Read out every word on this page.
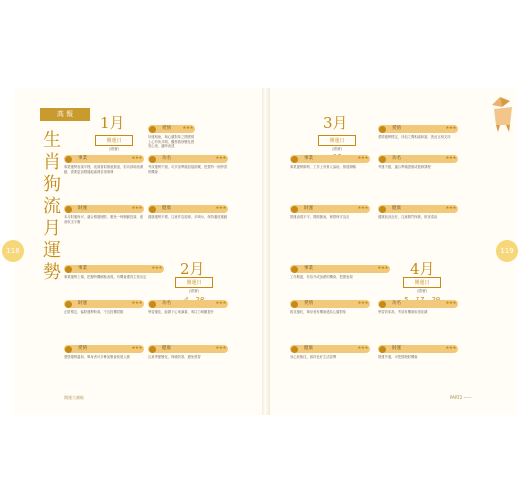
118	119
高 報
生肖狗流月運勢
1月
開運日
(國曆)
2月
開運日
(國曆)
3月
開運日
(國曆)
4月
開運日
(國曆)
愛情	★★★
好運相助，與心儀對象之間感情上心有所共鳴，觀察微妙變化感受心意，適時表達
事業	★★★
事業運勢表現平穩，表面看似無風無浪，但內部暗流湧動，需要更加穩健地處理各項事務
功名	★★★
考試運勢不錯，可多加準備迎接挑戰，把握每一個學習的機會
財運	★★★
本月財運尚可，適合穩健理財，避免一時衝動投資，留意收支平衡
健康	★★★
健康運勢平穩，注意作息規律，多喝水，保持適度運動
事業	★★★
事業運勢上揚，把握時機積極表現，有機會獲得主管肯定
財運	★★★
正財穩定，偏財運勢較弱，不宜投機冒險
功名	★★★
學習運佳，能靜下心來讀書，專注力明顯提升
愛情	★★★
愛情運勢溫和，單身者可多參加聚會拓展人脈
健康	★★★
注意季節變化，保暖防寒，避免感冒
愛情	★★★
愛情運勢穩定，伴侶之間相處和諧，彼此互相支持
事業	★★★
事業運勢順利，工作上有貴人協助，推展順暢
功名	★★★
考運不錯，適合準備證照或進修課程
財運	★★★
財運表現平平，開源節流，理財保守為宜
健康	★★★
健康狀況良好，注意腸胃保養，飲食清淡
事業	★★★
工作順遂，有晉升或加薪的機會，把握表現
功名	★★★
學習效率高，考試有機會取得佳績
愛情	★★★
桃花運旺，單身者有機會遇見心儀對象
健康	★★★
身心狀態佳，維持良好生活習慣
財運	★★★
財運亨通，可把握理財機會
開運大補帖	PART2 ——
